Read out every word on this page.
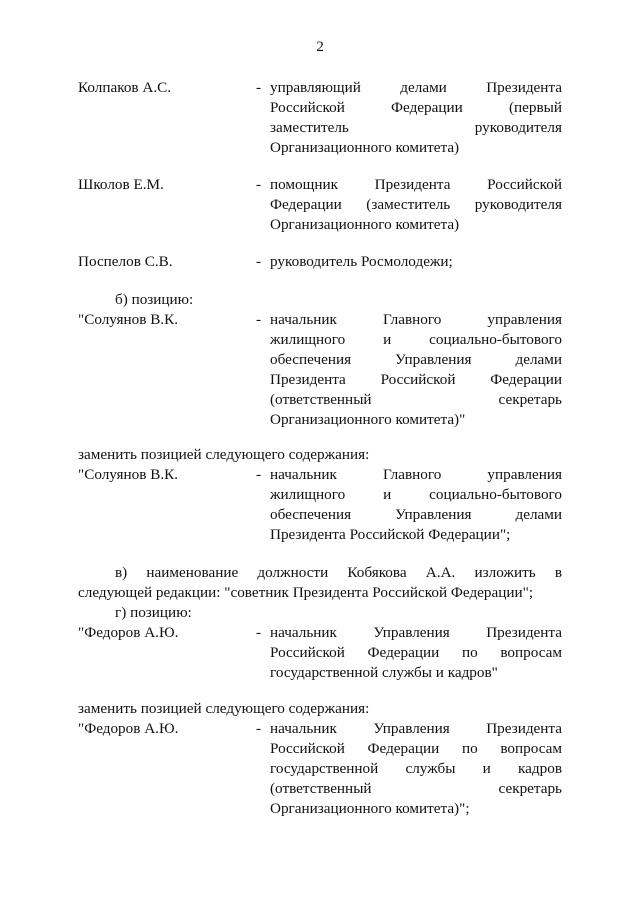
2
Колпаков А.С.	- управляющий делами Президента
Российской Федерации (первый
заместитель руководителя
Организационного комитета)
Школов Е.М.	- помощник Президента Российской
Федерации (заместитель руководителя
Организационного комитета)
Поспелов С.В.	- руководитель Росмолодежи;
б) позицию:
"Солуянов В.К.	- начальник Главного управления
жилищного и социально-бытового
обеспечения Управления делами
Президента Российской Федерации
(ответственный секретарь
Организационного комитета)"
заменить позицией следующего содержания:
"Солуянов В.К.	- начальник Главного управления
жилищного и социально-бытового
обеспечения Управления делами
Президента Российской Федерации";
в) наименование должности Кобякова А.А. изложить в
следующей редакции: "советник Президента Российской Федерации";
г) позицию:
"Федоров А.Ю.	- начальник Управления Президента
Российской Федерации по вопросам
государственной службы и кадров"
заменить позицией следующего содержания:
"Федоров А.Ю.	- начальник Управления Президента
Российской Федерации по вопросам
государственной службы и кадров
(ответственный секретарь
Организационного комитета)";
